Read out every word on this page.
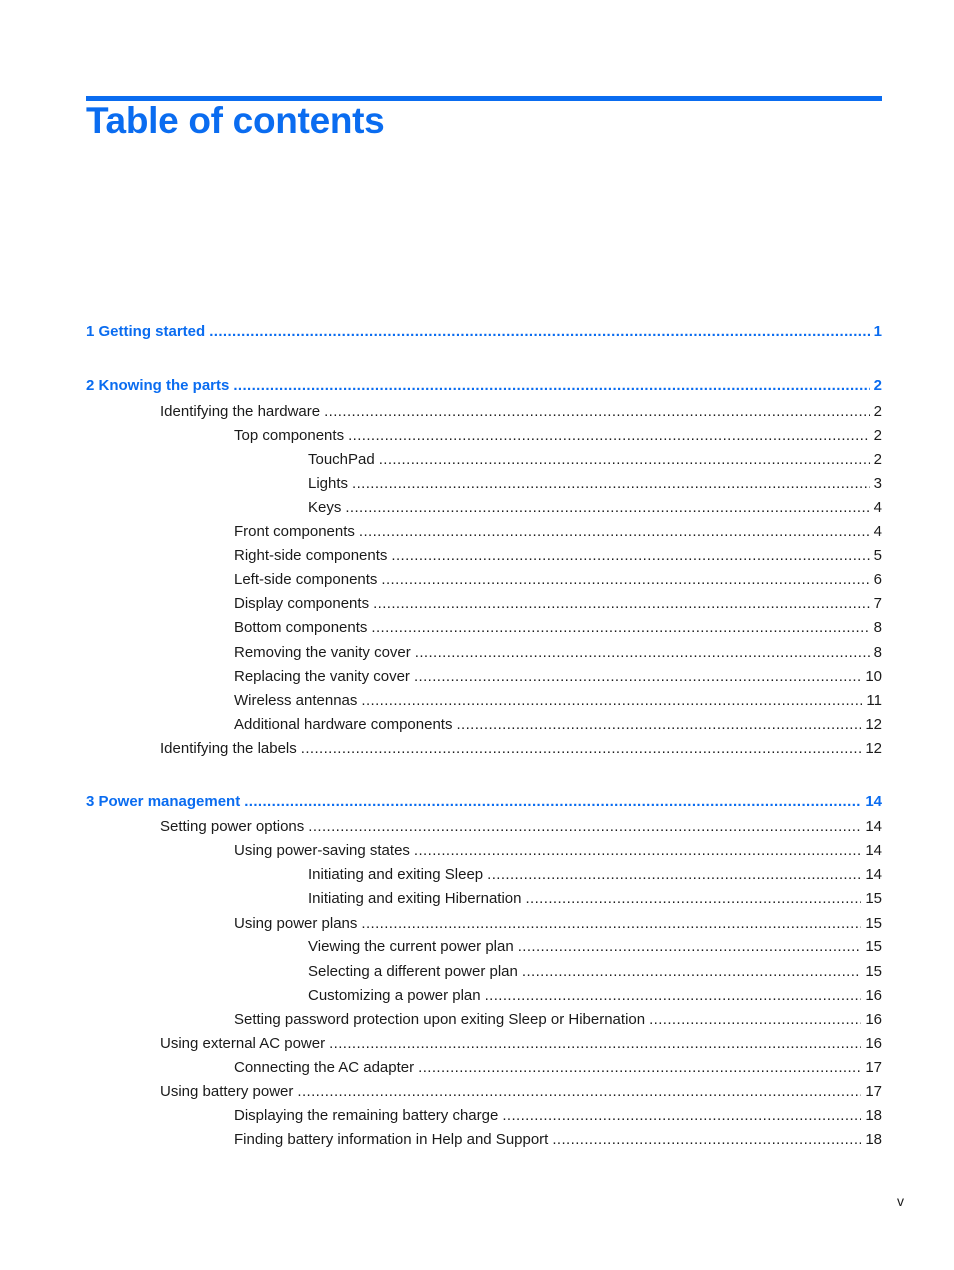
Table of contents
1 Getting started .....	1
2 Knowing the parts .....	2
Identifying the hardware .....	2
Top components .....	2
TouchPad .....	2
Lights .....	3
Keys .....	4
Front components .....	4
Right-side components .....	5
Left-side components .....	6
Display components .....	7
Bottom components .....	8
Removing the vanity cover .....	8
Replacing the vanity cover .....	10
Wireless antennas .....	11
Additional hardware components .....	12
Identifying the labels .....	12
3 Power management .....	14
Setting power options .....	14
Using power-saving states .....	14
Initiating and exiting Sleep .....	14
Initiating and exiting Hibernation .....	15
Using power plans .....	15
Viewing the current power plan .....	15
Selecting a different power plan .....	15
Customizing a power plan .....	16
Setting password protection upon exiting Sleep or Hibernation .....	16
Using external AC power .....	16
Connecting the AC adapter .....	17
Using battery power .....	17
Displaying the remaining battery charge .....	18
Finding battery information in Help and Support .....	18
v
